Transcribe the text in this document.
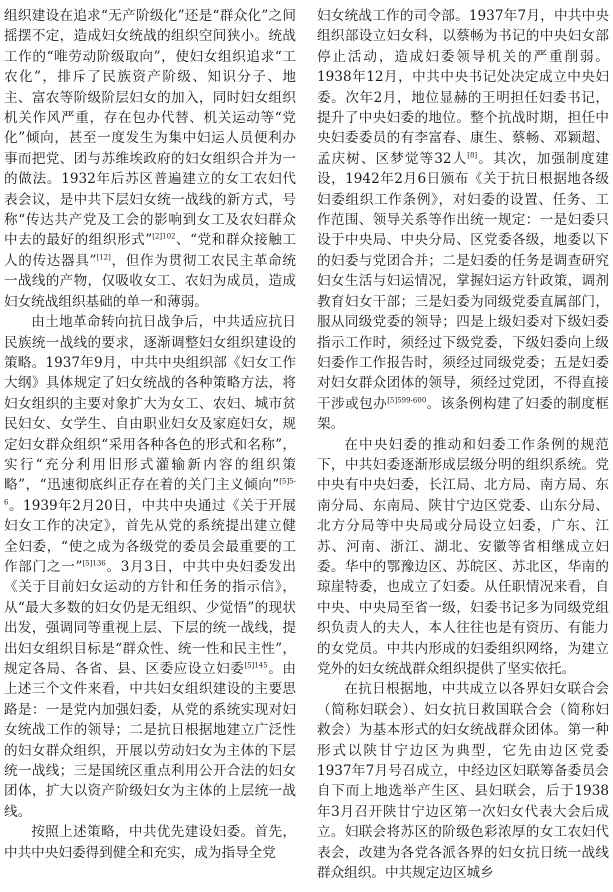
组织建设在追求“无产阶级化”还是“群众化”之间摇摆不定，造成妇女统战的组织空间狭小。统战工作的“唯劳动阶级取向”，使妇女组织追求“工农化”，排斥了民族资产阶级、知识分子、地主、富农等阶级阶层妇女的加入，同时妇女组织机关作风严重，存在包办代替、机关运动等“党化”倾向，甚至一度发生为集中妇运人员便利办事而把党、团与苏维埃政府的妇女组织合并为一的做法。1932年后苏区普遍建立的女工农妇代表会议，是中共下层妇女统一战线的新方式，号称“传达共产党及工会的影响到女工及农妇群众中去的最好的组织形式”$^{[2]102}$、“党和群众接触工人的传达器具”[12]，但作为贯彻工农民主革命统一战线的产物，仅吸收女工、农妇为成员，造成妇女统战组织基础的单一和薄弱。

由土地革命转向抗日战争后，中共适应抗日民族统一战线的要求，逐渐调整妇女组织建设的策略。1937年9月，中共中央组织部《妇女工作大纲》具体规定了妇女统战的各种策略方法，将妇女组织的主要对象扩大为女工、农妇、城市贫民妇女、女学生、自由职业妇女及家庭妇女，规定妇女群众组织“采用各种各色的形式和名称”，实行“充分利用旧形式灌输新内容的组织策略”，“迅速彻底纠正存在着的关门主义倾向”$^{[5]5-6}$。1939年2月20日，中共中央通过《关于开展妇女工作的决定》，首先从党的系统提出建立健全妇委，“使之成为各级党的委员会最重要的工作部门之一”$^{[5]136}$。3月3日，中共中央妇委发出《关于目前妇女运动的方针和任务的指示信》，从“最大多数的妇女仍是无组织、少觉悟”的现状出发，强调同等重视上层、下层的统一战线，提出妇女组织目标是“群众性、统一性和民主性”，规定各局、各省、县、区委应设立妇委$^{[5]145}$。由上述三个文件来看，中共妇女组织建设的主要思路是：一是党内加强妇委，从党的系统实现对妇女统战工作的领导；二是抗日根据地建立广泛性的妇女群众组织，开展以劳动妇女为主体的下层统一战线；三是国统区重点利用公开合法的妇女团体，扩大以资产阶级妇女为主体的上层统一战线。

按照上述策略，中共优先建设妇委。首先，中共中央妇委得到健全和充实，成为指导全党

妇女统战工作的司令部。1937年7月，中共中央组织部设立妇女科，以蔡畅为书记的中央妇女部停止活动，造成妇委领导机关的严重削弱。1938年12月，中共中央书记处决定成立中央妇委。次年2月，地位显赫的王明担任妇委书记，提升了中央妇委的地位。整个抗战时期，担任中央妇委委员的有李富春、康生、蔡畅、邓颖超、孟庆树、区梦觉等32人[8]。其次，加强制度建设，1942年2月6日颁布《关于抗日根据地各级妇委组织工作条例》，对妇委的设置、任务、工作范围、领导关系等作出统一规定：一是妇委只设于中央局、中央分局、区党委各级，地委以下的妇委与党团合并；二是妇委的任务是调查研究妇女生活与妇运情况，掌握妇运方针政策，调剂教育妇女干部；三是妇委为同级党委直属部门，服从同级党委的领导；四是上级妇委对下级妇委指示工作时，须经过下级党委，下级妇委向上级妇委作工作报告时，须经过同级党委；五是妇委对妇女群众团体的领导，须经过党团，不得直接干涉或包办$^{[5]599-600}$。该条例构建了妇委的制度框架。

在中央妇委的推动和妇委工作条例的规范下，中共妇委逐渐形成层级分明的组织系统。党中央有中央妇委，长江局、北方局、南方局、东南分局、东南局、陕甘宁边区党委、山东分局、北方分局等中央局或分局设立妇委，广东、江苏、河南、浙江、湖北、安徽等省相继成立妇委。华中的鄂豫边区、苏皖区、苏北区，华南的琼崖特委，也成立了妇委。从任职情况来看，自中央、中央局至省一级，妇委书记多为同级党组织负责人的夫人，本人往往也是有资历、有能力的女党员。中共内形成的妇委组织网络，为建立党外的妇女统战群众组织提供了坚实依托。

在抗日根据地，中共成立以各界妇女联合会（简称妇联会）、妇女抗日救国联合会（简称妇救会）为基本形式的妇女统战群众团体。第一种形式以陕甘宁边区为典型，它先由边区党委1937年7月号召成立，中经边区妇联筹备委员会自下而上地选举产生区、县妇联会，后于1938年3月召开陕甘宁边区第一次妇女代表大会后成立。妇联会将苏区的阶级色彩浓厚的女工农妇代表会，改建为各党各派各界的妇女抗日统一战线群众组织。中共规定边区城乡
